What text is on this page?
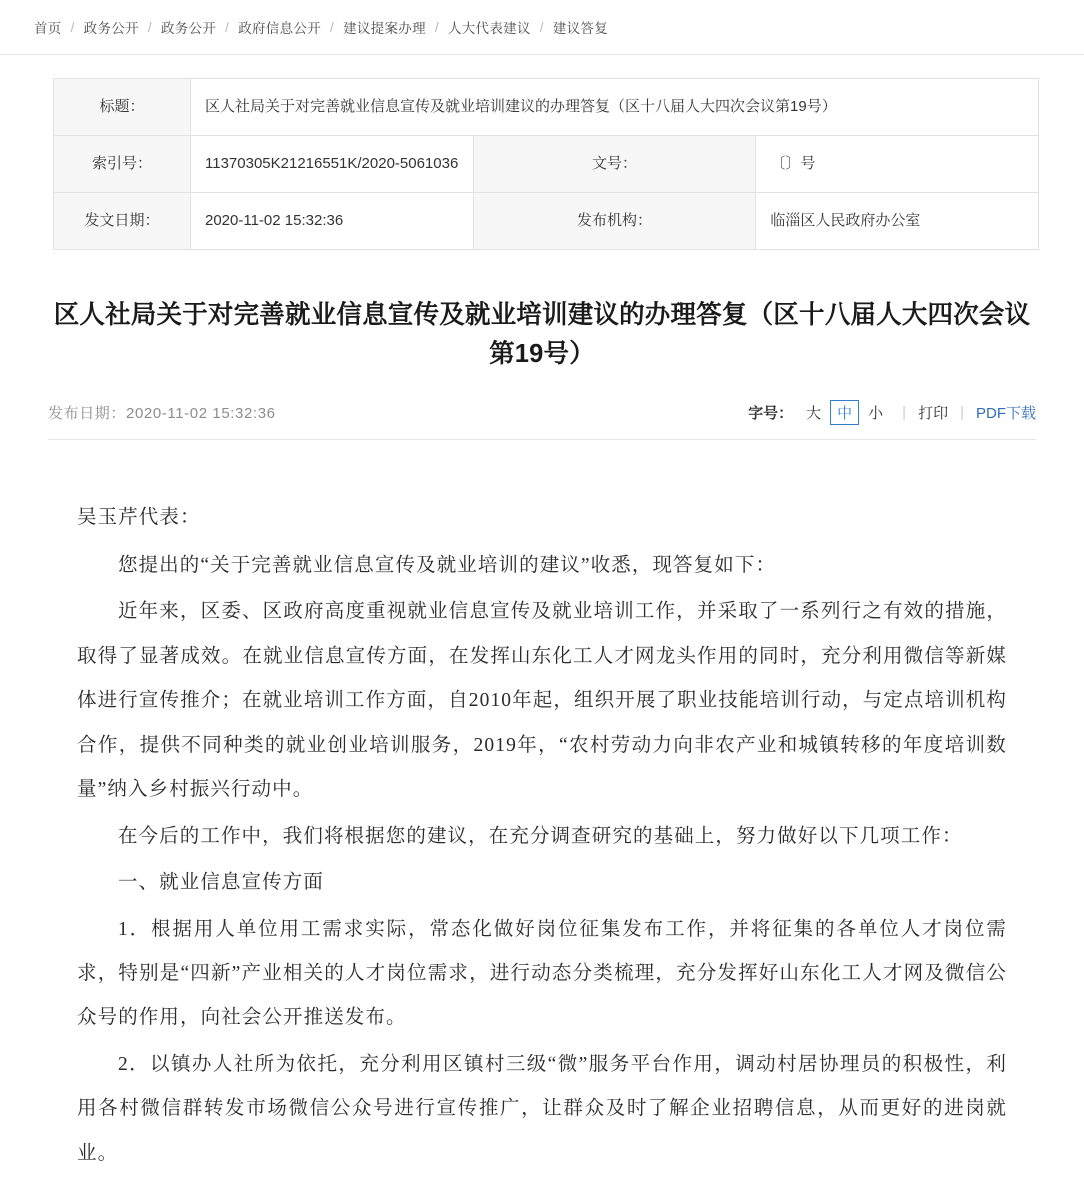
首页 / 政务公开 / 政务公开 / 政府信息公开 / 建议提案办理 / 人大代表建议 / 建议答复
标题：	区人社局关于对完善就业信息宣传及就业培训建议的办理答复（区十八届人大四次会议第19号）		
索引号：	11370305K21216551K/2020-5061036	文号：	〔〕号
发文日期：	2020-11-02 15:32:36	发布机构：	临淄区人民政府办公室
区人社局关于对完善就业信息宣传及就业培训建议的办理答复（区十八届人大四次会议第19号）
发布日期：2020-11-02 15:32:36	字号： 大	中	小	| 打印 | PDF下载

吴玉芹代表：

您提出的“关于完善就业信息宣传及就业培训的建议”收悉，现答复如下：

近年来，区委、区政府高度重视就业信息宣传及就业培训工作，并采取了一系列行之有效的措施，取得了显著成效。在就业信息宣传方面，在发挥山东化工人才网龙头作用的同时，充分利用微信等新媒体进行宣传推介；在就业培训工作方面，自2010年起，组织开展了职业技能培训行动，与定点培训机构合作，提供不同种类的就业创业培训服务，2019年，“农村劳动力向非农产业和城镇转移的年度培训数量”纳入乡村振兴行动中。

在今后的工作中，我们将根据您的建议，在充分调查研究的基础上，努力做好以下几项工作：

一、就业信息宣传方面

1．根据用人单位用工需求实际，常态化做好岗位征集发布工作，并将征集的各单位人才岗位需求，特别是“四新”产业相关的人才岗位需求，进行动态分类梳理，充分发挥好山东化工人才网及微信公众号的作用，向社会公开推送发布。

2．以镇办人社所为依托，充分利用区镇村三级“微”服务平台作用，调动村居协理员的积极性，利用各村微信群转发市场微信公众号进行宣传推广，让群众及时了解企业招聘信息，从而更好的进岗就业。
